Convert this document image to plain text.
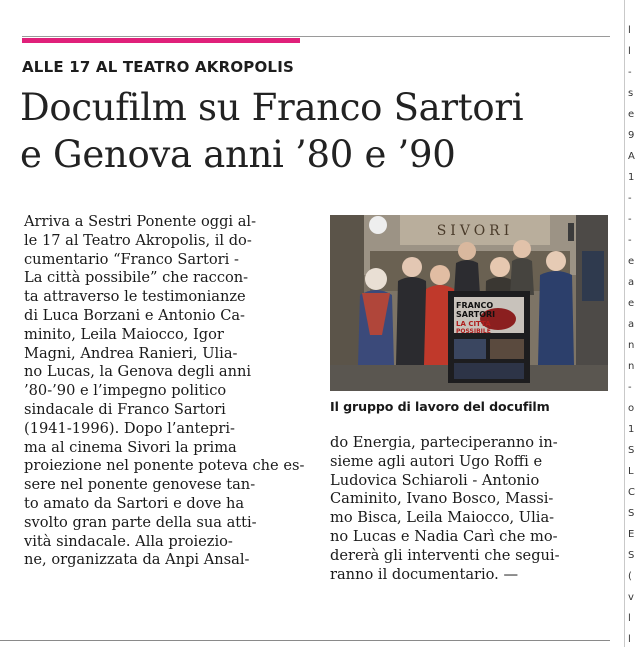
ALLE 17 AL TEATRO AKROPOLIS
Docufilm su Franco Sartori
e Genova anni ’80 e ’90
Arriva a Sestri Ponente oggi al-
le 17 al Teatro Akropolis, il do-
cumentario “Franco Sartori -
La città possibile” che raccon-
ta attraverso le testimonianze
di Luca Borzani e Antonio Ca-
minito, Leila Maiocco, Igor
Magni, Andrea Ranieri, Ulia-
no Lucas, la Genova degli anni
’80-’90 e l’impegno politico
sindacale di Franco Sartori
(1941-1996). Dopo l’antepri-
ma al cinema Sivori la prima
proiezione nel ponente poteva che es-
sere nel ponente genovese tan-
to amato da Sartori e dove ha
svolto gran parte della sua atti-
vità sindacale. Alla proiezio-
ne, organizzata da Anpi Ansal-
SIVORI
FRANCO
SARTORI
LA CITTÀ
POSSIBILE
Il gruppo di lavoro del docufilm
do Energia, parteciperanno in-
sieme agli autori Ugo Roffi e
Ludovica Schiaroli - Antonio
Caminito, Ivano Bosco, Massi-
mo Bisca, Leila Maiocco, Ulia-
no Lucas e Nadia Carì che mo-
dererà gli interventi che segui-
ranno il documentario. —
l
l
-
s
e
9
A
1
-
-
-
e
a
e
a
n
n
-
o
1
S
L
C
S
E
S
(
v
l
l
